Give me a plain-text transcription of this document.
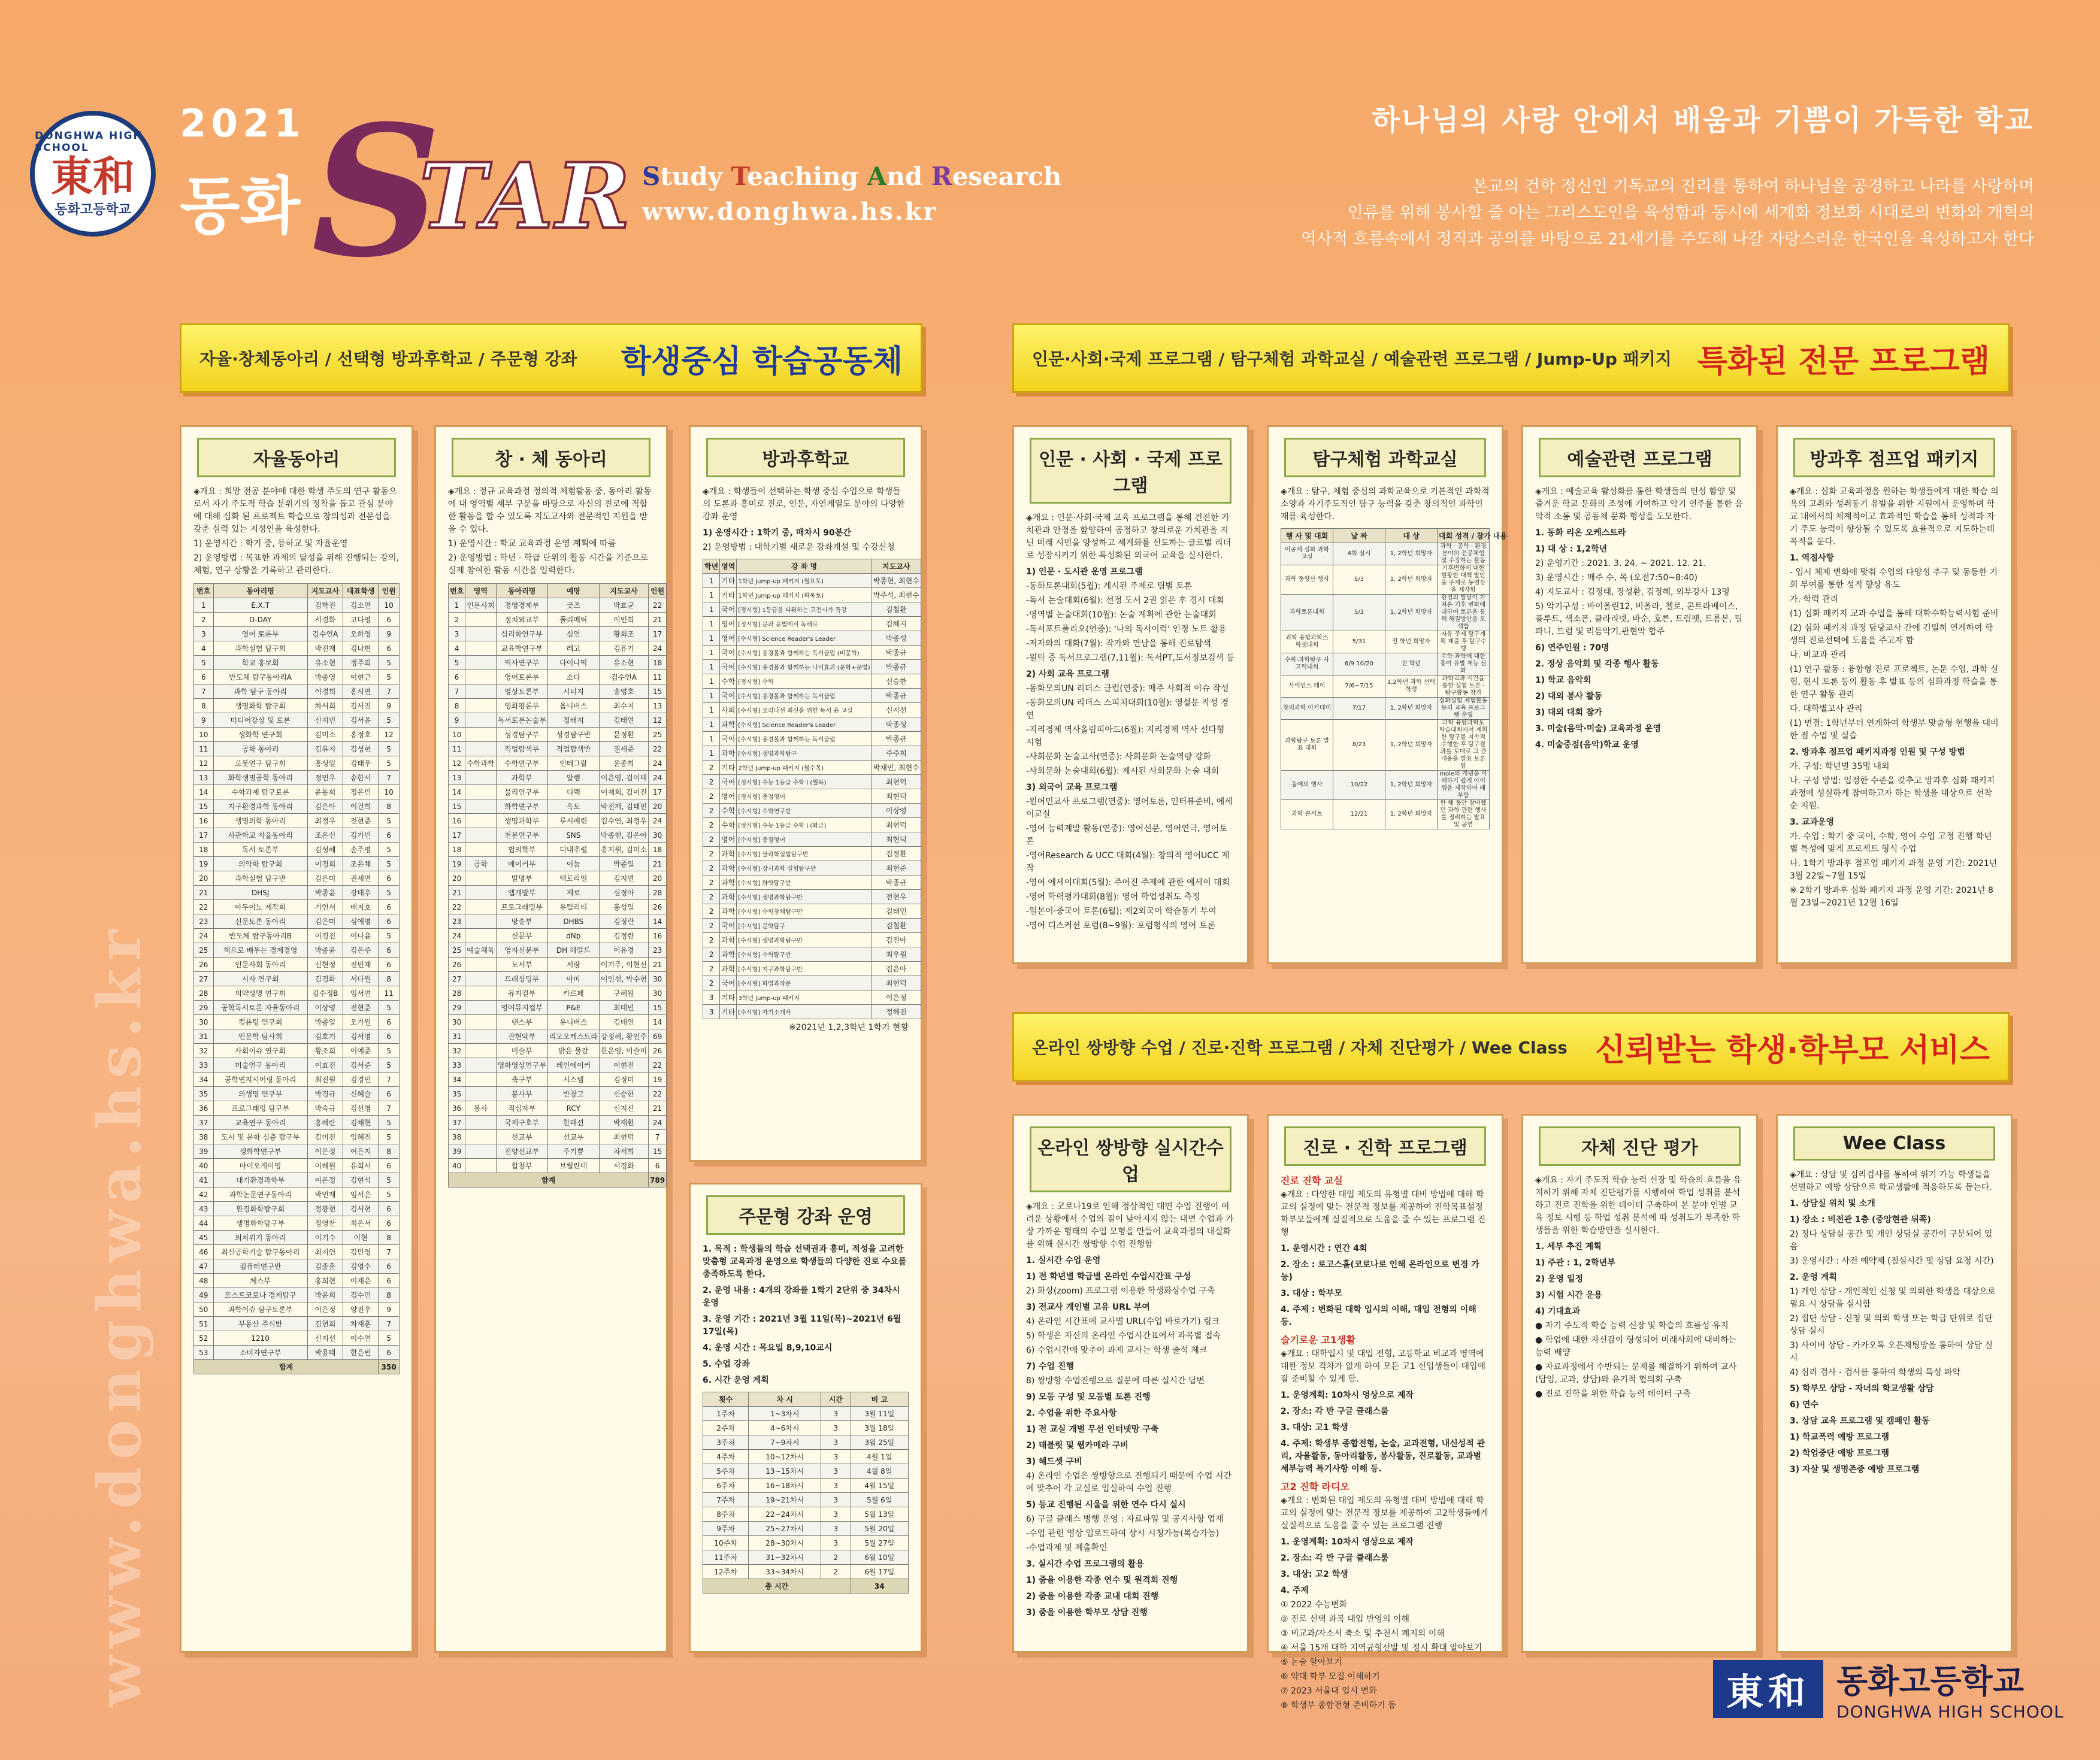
DONGHWA HIGH SCHOOL
東和
동화고등학교
2021
동화 S
TAR Study Teaching And Research
www.donghwa.hs.kr
하나님의 사랑 안에서 배움과 기쁨이 가득한 학교
본교의 건학 정신인 기독교의 진리를 통하여 하나님을 공경하고 나라를 사랑하며
인류를 위해 봉사할 줄 아는 그리스도인을 육성함과 동시에 세계화 정보화 시대로의 변화와 개혁의
역사적 흐름속에서 정직과 공의를 바탕으로 21세기를 주도해 나갈 자랑스러운 한국인을 육성하고자 한다
www.donghwa.hs.kr
자율·창체동아리 / 선택형 방과후학교 / 주문형 강좌 학생중심 학습공동체	인문·사회·국제 프로그램 / 탐구체험 과학교실 / 예술관련 프로그램 / Jump-Up 패키지 특화된 전문 프로그램
온라인 쌍방향 수업 / 진로·진학 프로그램 / 자체 진단평가 / Wee Class 신뢰받는 학생·학부모 서비스
자율동아리

◈개요 : 희망 전공 분야에 대한 학생 주도의 연구 활동으로서 자기 주도적 학습 분위기의 정착을 돕고 관심 분야에 대해 심화 된 프로젝트 학습으로 창의성과 전문성을 갖춘 실력 있는 지성인을 육성한다.

1) 운영시간 : 학기 중, 등하교 및 자율운영

2) 운영방법 : 목표한 과제의 달성을 위해 진행되는 강의, 체험, 연구 상황을 기록하고 관리한다.

번호	동아리명	지도교사	대표학생	인원
1	E.X.T	김학진	김소연	10
2	D-DAY	서경화	고다영	6
3	영어 토론부	김수연A	오하영	9
4	과학실험 탐구회	박진재	김나현	6
5	학교 홍보회	유소현	정주희	5
6	반도체 탐구동아리A	박종영	이현근	5
7	과학 탐구 동아리	이경희	홍시연	7
8	생명화학 탐구회	차서희	김서진	9
9	미디어강상 및 토론	신지빈	김서윤	5
10	생화학 연구회	김미소	홍정호	12
11	공학 동아리	김유지	김성현	5
12	로봇연구 탐구회	홍성일	김태우	5
13	화학생명공학 동아리	정민우	송한서	7
14	수학과제 탐구토론	윤동희	정은빈	10
15	지구환경과학 동아리	김은아	이건희	8
16	생명의학 동아리	최정우	전현준	5
17	사관학교 자율동아리	조은신	김가빈	6
18	독서 토론부	김성혜	손주영	5
19	의약학 탐구회	이경희	조은채	5
20	과학실험 탐구반	김은미	권세연	6
21	DHSJ	박종윤	강태우	5
22	아두이노 제작회	기연서	배지호	6
23	신문토론 동아리	김은미	심예영	6
24	반도체 탐구동아리B	이경진	이나윤	5
25	책으로 배우는 경제경영	박종윤	김은주	6
26	인문사회 동아리	신현정	전민재	6
27	시사 연구회	김경화	서다원	8
28	의약생명 연구회	김수정B	임서연	11
29	공학독서토론 자율동아리	이상영	전현준	5
30	컴퓨팅 연구회	박종일	오가원	6
31	인문학 탐사회	김호기	김서영	6
32	사회이슈 연구회	황조희	이예준	5
33	미술연구 동아리	이효진	김서준	5
34	공학연지시어링 동아리	최진원	김경민	7
35	의생명 연구부	박경규	신혜슬	6
36	프로그래밍 탐구부	박숙규	김선영	7
37	교육연구 동아리	홍혜란	김채현	5
38	도시 및 문학 심층 탐구부	김미진	임혜진	5
39	생화학연구부	이은정	여은지	8
40	바이오게이밍	이혜원	유희서	6
41	대기환경과학부	이은정	김현석	5
42	과학논문연구동아리	박민재	임서은	5
43	환경화학탐구회	정광현	김서현	6
44	생명화학탐구부	정영찬	최은서	6
45	의치위기 동아리	이기수	이현	8
46	최신공학기술 탐구동아리	최지연	김민영	7
47	컴퓨터연구반	김종훈	김영수	6
48	체스부	홍희현	이재은	6
49	포스트코로나 경제탐구	박윤희	김수민	8
50	과학이슈 탐구토론부	이은정	양진우	9
51	부동산 주식반	김현희	차재훈	7
52	1210	신지선	이수연	5
53	소비자연구부	박용태	한은빈	6
합계				350
창 · 체 동아리

◈개요 : 정규 교육과정 정의적 체험활동 중, 동아리 활동에 대 영역별 세부 구분을 바탕으로 자신의 진로에 적합한 활동을 할 수 있도록 지도교사와 전문적인 지원을 받을 수 있다.

1) 운영시간 : 학교 교육과정 운영 계획에 따름

2) 운영방법 : 학년 · 학급 단위의 활동 시간을 기준으로 실제 참여한 활동 시간을 입력한다.

번호	영역	동아리명	예명	지도교사	인원
1	인문사회	경영경제부	굿즈	박효균	22
2		정치외교부	폴리메틱	이인희	21
3		심리학연구부	심연	황희조	17
4		교육학연구부	레고	김유기	24
5		역사연구부	다이나믹	유소현	18
6		영어토론부	소다	김수연A	11
7		영상토론부	시너지	송영호	15
8		영화평론부	옵니버스	최수지	13
9		독서토론논술부	정배지	김태연	12
10		성경탐구부	성경탐구반	문정환	25
11		직업탐색부	직업탐색반	권세준	22
12	수학과학	수학연구부	인테그랄	윤종희	24
13		과학부	알렘	이은영, 김이태	24
14		물리연구부	디랙	이재희, 김이진	17
15		화학연구부	옥토	박진재, 김태민	20
16		생명과학부	루시페린	김수연, 최정우	24
17		천문연구부	SNS	박종현, 김은아	30
18		법의학부	디내추럴	홍지원, 김미소	18
19	공학	메이커부	이눔	박종일	21
20		발명부	텍토리얼	김지연	20
21		앱개발부	제로	심정아	28
22		프로그래밍부	유틸리티	홍성일	26
23		방송부	DHBS	김정란	14
24		신문부	dNp	김정란	16
25	예술체육	영자신문부	DH 헤럴드	이유경	23
26		도서부	서랑	이기주, 이현선	21
27		드래싱딩부	아띠	이인선, 박수현	30
28		뮤지컬부	카르페	구혜원	30
29		영어뮤지컬부	P&E	최태민	15
30		댄스부	유니버스	김태연	14
31		관현악부	리모오케스트라	강정혜, 황인주	69
32		미술부	밝은 물감	한은영, 이슬미	26
33		영화영상연구부	레인에이커	이현진	22
34		축구부	시스템	김정미	19
35		봉사부	반창고	신승한	22
36	봉사	적십자부	RCY	신지선	21
37		국제구호부	한패션	박재환	24
38		선교부	선교부	최현덕	7
39		진양선교부	주기쁨	차서희	15
40		합창부	브릴란테	서경화	6
합계					789
방과후학교

◈개요 : 학생들이 선택하는 학생 중심 수업으로 학생들의 도론과 흥미로 진로, 인문, 자연계열도 분야의 다양한 강좌 운영

1) 운영시간 : 1학기 중, 매차시 90분간

2) 운영방법 : 대학기별 새로운 강좌개설 및 수강신청

학년	영역	강 좌 명	지도교사
1	기타	1학년 Jump-up 패키지 (월요토)	박종현, 최현수
1	기타	1학년 Jump-up 패키지 (화목토)	박주석, 최현수
1	국어	[정시형] 1등급을 다뤄하는 고전시가 특강	김철환
1	영어	[정시형] 문과 문법에서 독해로	김혜지
1	영어	[수시형] Science Reader's Leader	박종성
1	국어	[수시형] 용경볼과 함께하는 독서클럽 (비문학)	박종규
1	국어	[수시형] 용경볼과 함께하는 나비효과 (문학+문법)	박종규
1	수학	[정시형] 수학	신승한
1	국어	[수시형] 용경볼과 함께하는 독서클럽	박종규
1	사회	[수시형] 오리나선 최신을 위한 독서 윤 교실	신지선
1	과학	[수시형] Science Reader's Leader	박종성
1	국어	[수시형] 용경볼과 함께하는 독서클럽	박종규
1	과학	[수시형] 생명과학탐구	주주희
2	기타	2학년 Jump-up 패키지 (월수목)	박채민, 최현수
2	국어	[정시형] 수능 1등급 수학 I (월목)	최현덕
2	영어	[정시형] 총점영어	최현덕
2	수학	[수시형] 수학연구반	이상영
2	수학	[정시형] 수능 1등급 수학 I (화금)	최현덕
2	영어	[수시형] 총점영어	최현덕
2	과학	[수시형] 물리학실험탐구반	김정환
2	과학	[수시형] 장시과학 실험탐구반	최현준
2	과학	[수시형] 화학탐구반	박종규
2	과학	[수시형] 생명과학탐구반	전현우
2	과학	[수시형] 수학창체탐구반	김태민
2	국어	[수시형] 문학탐구	김철환
2	과학	[수시형] 생명과학탐구반	김진아
2	과학	[수시형] 수학탐구반	최우원
2	과학	[수시형] 지구과학탐구반	김은아
2	국어	[수시형] 화법과작문	최현덕
3	기타	3학년 Jump-up 패키지	이은정
3	기타	[수시형] 자기소개서	정해진
※2021년 1,2,3학년 1학기 현황
주문형 강좌 운영

1. 목적 : 학생들의 학습 선택권과 흥미, 적성을 고려한 맞춤형 교육과정 운영으로 학생들의 다양한 진로 수요를 충족하도록 한다.

2. 운영 내용 : 4개의 강좌를 1학기 2단위 중 34차시 운영

3. 운영 기간 : 2021년 3월 11일(목)~2021년 6월 17일(목)

4. 운영 시간 : 목요일 8,9,10교시

5. 수업 강좌

6. 시간 운영 계획

횟수	차 시	시간	비 고
1주차	1~3차시	3	3월 11일
2주차	4~6차시	3	3월 18일
3주차	7~9차시	3	3월 25일
4주차	10~12차시	3	4월 1일
5주차	13~15차시	3	4월 8일
6주차	16~18차시	3	4월 15일
7주차	19~21차시	3	5월 6일
8주차	22~24차시	3	5월 13일
9주차	25~27차시	3	5월 20일
10주차	28~30차시	3	5월 27일
11주차	31~32차시	2	6월 10일
12주차	33~34차시	2	6월 17일
총 시간			34
인문 · 사회 · 국제 프로그램

◈개요 : 인문·사회·국제 교육 프로그램을 통해 건전한 가치관과 안정을 함양하여 공정하고 창의로운 가치관을 지닌 미래 시민을 양성하고 세계화를 선도하는 글로벌 리더로 성장시키기 위한 특성화된 외국어 교육을 실시한다.

1) 인문 · 도시관 운영 프로그램

-동화토론대회(5월): 계시된 주제로 팀별 토론

-독서 논술대회(6월): 선정 도서 2권 읽은 후 경시 대회

-영역별 논술대회(10월): 논술 계획에 관한 논술대회

-독서포트폴리오(연중): '나의 독서이력' 인정 노트 활용

-저자와의 대화(7월): 작가와 만남을 통해 진로탐색

-원탁 중 독서프로그램(7,11월): 독서PT,도서정보검색 등

2) 사회 교육 프로그램

-동화모의UN 리더스 클럽(연중): 매주 사회적 이슈 작성

-동화모의UN 리더스 스피치대회(10월): 영설문 작성 경연

-지리경제 역사올림피아드(6월): 지리경제 역사 선다형 시험

-사회문화 논술고사(연중): 사회문화 논술역량 강화

-사회문화 논술대회(6월): 제시된 사회문화 논술 대회

3) 외국어 교육 프로그램

-원어민교사 프로그램(연중): 영어토론, 인터뷰준비, 에세이교실

-영어 능력계발 활동(연중): 영어신문, 영어연극, 영어토론

-영어Research & UCC 대회(4월): 창의적 영어UCC 제작

-영어 에세이대회(5월): 주어진 주제에 관한 에세이 대회

-영어 학력평가대회(8월): 영어 학업성취도 측정

-일본어·중국어 토론(6월): 제2외국어 학습동기 부여

-영어 디스커션 포럼(8~9월): 포럼형식의 영어 토론

탐구체험 과학교실

◈개요 : 탐구, 체험 중심의 과학교육으로 기본적인 과학적 소양과 자기주도적인 탐구 능력을 갖춘 창의적인 과학인재를 육성한다.

행 사 및 대회	날 짜	대 상	대회 성격 / 참가 내용
이공계 심화 과학 교실	4회 실시	1, 2학년 희망자	과학 · 공학 · 환경 분야의 전공체험 및 수강하는 활동
과학 동향산 행사	5/3	1, 2학년 희망자	기후변화에 대한 현황한 대책 발안을 주제로 동영상을 제작함
과학토론대회	5/3	1, 2학년 희망자	환경의 발달이 가져온 기후 변화에 대하여 토론을 통해 해결방안을 모색함
과학 융합과학스 학생대회	5/31	전 학년 희망자	자유 주제 탐구계획 제출 후 탐구수행
수학·과학탐구 사고력대회	6/9 10/20	전 학년	수학·과학에 대한 흥미 유발 재능 심화
사이언스 데이	7/6~7/15	1,2학년 과학 선택 학생	과학교과 시간을 통한 실험 토론 · 탐구활동 참가
창의과학 아카데미	7/17	1, 2학년 희망자	심화실험 체험활동 등의 교육 프로그램 운영
과학탐구 토론 발표 대회	8/23	1, 2학년 희망자	과학 융합과학도 학술대회에서 계획한 탐구를 지속적 수행한 후 탐구결과를 토대로 그 간 내용을 발표 토론함
돌에의 행사	10/22	1, 2학년 희망자	mole의 개념을 이해하기 쉽게 아이템을 제작하여 배부함
과학 콘서트	12/21	1, 2학년 희망자	한 해 동안 참여했던 과학 관련 행사를 정리하는 발표 및 공연
예술관련 프로그램

◈개요 : 예술교육 활성화를 통한 학생들의 인성 함양 및 즐거운 학교 문화의 조성에 기여하고 악기 연주를 통한 음악적 소통 및 공동체 문화 형성을 도모한다.

1. 동화 리온 오케스트라

1) 대 상 : 1,2학년

2) 운영기간 : 2021. 3. 24. ~ 2021. 12. 21.

3) 운영시간 : 매주 수, 목 (오전7:50~8:40)

4) 지도교사 : 김정태, 장성환, 김정혜, 외부강사 13명

5) 악기구성 : 바이올린12, 비올라, 첼로, 콘트라베이스, 플루트, 색소폰, 클라리넷, 바순, 호른, 트럼펫, 트롬본, 팀파니, 드럼 및 리듬악기,관현악 합주

6) 연주인원 : 70명

2. 정상 음악회 및 각종 행사 활동

1) 학교 음악회

2) 대외 봉사 활동

3) 대외 대회 참가

3. 미술(음악·미술) 교육과정 운영

4. 미술중점(음악)학교 운영

방과후 점프업 패키지

◈개요 : 심화 교육과정을 원하는 학생들에게 대한 학습 의욕의 고취와 성취동기 유발을 위한 지원에서 운영하며 학교 내에서의 체계적이고 효과적인 학습을 통해 성적과 자기 주도 능력이 향상될 수 있도록 효율적으로 지도하는데 목적을 둔다.

1. 역점사항

- 입시 체제 변화에 맞춰 수업의 다양성 추구 및 동등한 기회 부여를 통한 성적 향상 유도

가. 학력 관리

(1) 심화 패키지 교과 수업을 통해 대학수학능력시험 준비

(2) 심화 패키지 과정 담당교사 간에 긴밀히 연계하여 학생의 진로선택에 도움을 주고자 함

나. 비교과 관리

(1) 연구 활동 : 융합형 진로 프로젝트, 논문 수업, 과학 실험, 현시 토론 등의 활동 후 발표 등의 심화과정 학습을 통한 연구 활동 관리

다. 대학별고사 관리

(1) 면접: 1학년부터 연계하여 학생부 맞춤형 현행을 대비한 점 수업 및 실습

2. 방과후 점프업 패키지과정 인원 및 구성 방법

가. 구성: 학년별 35명 내외

나. 구성 방법: 입정한 수준을 갖추고 방과후 심화 패키지과정에 성실하게 참여하고자 하는 학생을 대상으로 선착순 지원.

3. 교과운영

가. 수업 : 학기 중 국어, 수학, 영어 수업 고정 진행 학년별 특성에 맞게 프로젝트 형식 수업

나. 1학기 방과후 점프업 패키지 과정 운영 기간: 2021년 3월 22일~7월 15일

※ 2학기 방과후 심화 패키지 과정 운영 기간: 2021년 8월 23일~2021년 12월 16일

온라인 쌍방향 실시간수업

◈개요 : 코로나19로 인해 정상적인 대면 수업 진행이 어려운 상황에서 수업의 질이 낮아지지 않는 대면 수업과 가장 가까운 형태의 수업 모형을 만들어 교육과정의 내실화를 위해 실시간 쌍방향 수업 진행함

1. 실시간 수업 운영

1) 전 학년별 학급별 온라인 수업시간표 구성

2) 화상(zoom) 프로그램 이용한 학생화상수업 구축

3) 전교사 개인별 고유 URL 부여

4) 온라인 시간표에 교사별 URL(수업 바로가기) 링크

5) 학생은 자신의 온라인 수업시간표에서 과목별 접속

6) 수업시간에 맞추어 과제 교사는 학생 출석 체크

7) 수업 진행

8) 쌍방향 수업진행으로 질문에 따른 실시간 답변

9) 모둠 구성 및 모둠별 토론 진행

2. 수업을 위한 주요사항

1) 전 교실 개별 무선 인터넷망 구축

2) 태블릿 및 웹카메라 구비

3) 헤드셋 구비

4) 온라인 수업은 쌍방향으로 진행되기 때문에 수업 시간에 맞추어 각 교실로 입실하여 수업 진행

5) 등교 진행된 시울을 위한 연수 다시 실시

6) 구글 클래스 병행 운영 : 자료파일 및 공지사항 업재

-수업 관련 영상 업로드하여 상시 시청가능(복습가능)

-수업과제 및 제출확인

3. 실시간 수업 프로그램의 활용

1) 줌을 이용한 각종 연수 및 원격회 진행

2) 줌을 이용한 각종 교내 대회 진행

3) 줌을 이용한 학부모 상담 진행

진로 · 진학 프로그램

진로 진학 교실

◈개요 : 다양한 대입 제도의 유형별 대비 방법에 대해 학교의 실정에 맞는 전문적 정보를 제공하여 진학목표설정 학부모들에게 실질적으로 도움을 줄 수 있는 프로그램 진행

1. 운영시간 : 연간 4회

2. 장소 : 로고스홀(코로나로 인해 온라인으로 변경 가능)

3. 대상 : 학부모

4. 주제 : 변화된 대학 입시의 이해, 대입 전형의 이해 등.

슬기로운 고1생활

◈개요 : 대학입시 및 대입 전형, 고등학교 비교과 영역에 대한 정보 격차가 없게 하여 모든 고1 신입생들이 대입에 잘 준비할 수 있게 함.

1. 운영계획: 10차시 영상으로 제작

2. 장소: 각 반 구글 클래스룸

3. 대상: 고1 학생

4. 주제: 학생부 종합전형, 논술, 교과전형, 내신성적 관리, 자율활동, 동아리활동, 봉사활동, 진로활동, 교과별 세부능력 특기사항 이해 등.

고2 진학 라디오

◈개요 : 변화된 대입 제도의 유형별 대비 방법에 대해 학교의 실정에 맞는 전문적 정보를 제공하여 고2학생들에게 실질적으로 도움을 줄 수 있는 프로그램 진행

1. 운영계획: 10차시 영상으로 제작

2. 장소: 각 반 구글 클래스룸

3. 대상: 고2 학생

4. 주제

① 2022 수능변화

② 진로 선택 과목 대입 반영의 이해

③ 비교과/자소서 축소 및 추천서 폐지의 이해

④ 서울 15개 대학 지역균형선발 및 정시 확대 알아보기

⑤ 논술 알아보기

⑥ 약대 학부 모집 이해하기

⑦ 2023 서울대 입시 변화

⑧ 학생부 종합전형 준비하기 등

자체 진단 평가

◈개요 : 자기 주도적 학습 능력 신장 및 학습의 흐름을 유지하기 위해 자체 진단평가를 시행하여 학업 성취를 분석하고 진로 진학을 위한 데이터 구축하여 본 분야 인별 교육 정보 시행 등 학업 성취 분석에 따 성취도가 부족한 학생들을 위한 학습방안을 실시한다.

1. 세부 추진 계획

1) 주관 : 1, 2학년부

2) 운영 일정

3) 시험 시간 운용

4) 기대효과

● 자기 주도적 학습 능력 신장 및 학습의 흐름성 유지

● 학업에 대한 자신감이 형성되어 미래사회에 대비하는 능력 배양

● 자료과정에서 수반되는 문제를 해결하기 위하여 교사(담임, 교과, 상담)와 유기적 협의회 구축

● 진로 진학을 위한 학습 능력 데이터 구축

Wee Class

◈개요 : 상담 및 심리검사를 통하여 위기 가능 학생들을 선별하고 예방 상담으로 학교생활에 적응하도록 돕는다.

1. 상담실 위치 및 소개

1) 장소 : 비전관 1층 (중앙현관 뒤쪽)

2) 정다 상담실 공간 및 개인 상담실 공간이 구분되어 있음

3) 운영시간 : 사전 예약제 (점심시간 및 상담 요청 시간)

2. 운영 계획

1) 개인 상담 - 개인적인 신청 및 의뢰한 학생을 대상으로 필요 시 상담을 실시함

2) 집단 상담 - 신청 및 의뢰 학생 또는 학급 단위로 집단상담 실시

3) 사이버 상담 - 카카오톡 오픈채팅방을 통하여 상담 실시

4) 심리 검사 - 검사를 통하여 학생의 특성 파악

5) 학부모 상담 - 자녀의 학교생활 상담

6) 연수

3. 상담 교육 프로그램 및 캠페인 활동

1) 학교폭력 예방 프로그램

2) 학업중단 예방 프로그램

3) 자살 및 생명존중 예방 프로그램

東和 동화고등학교
DONGHWA HIGH SCHOOL
